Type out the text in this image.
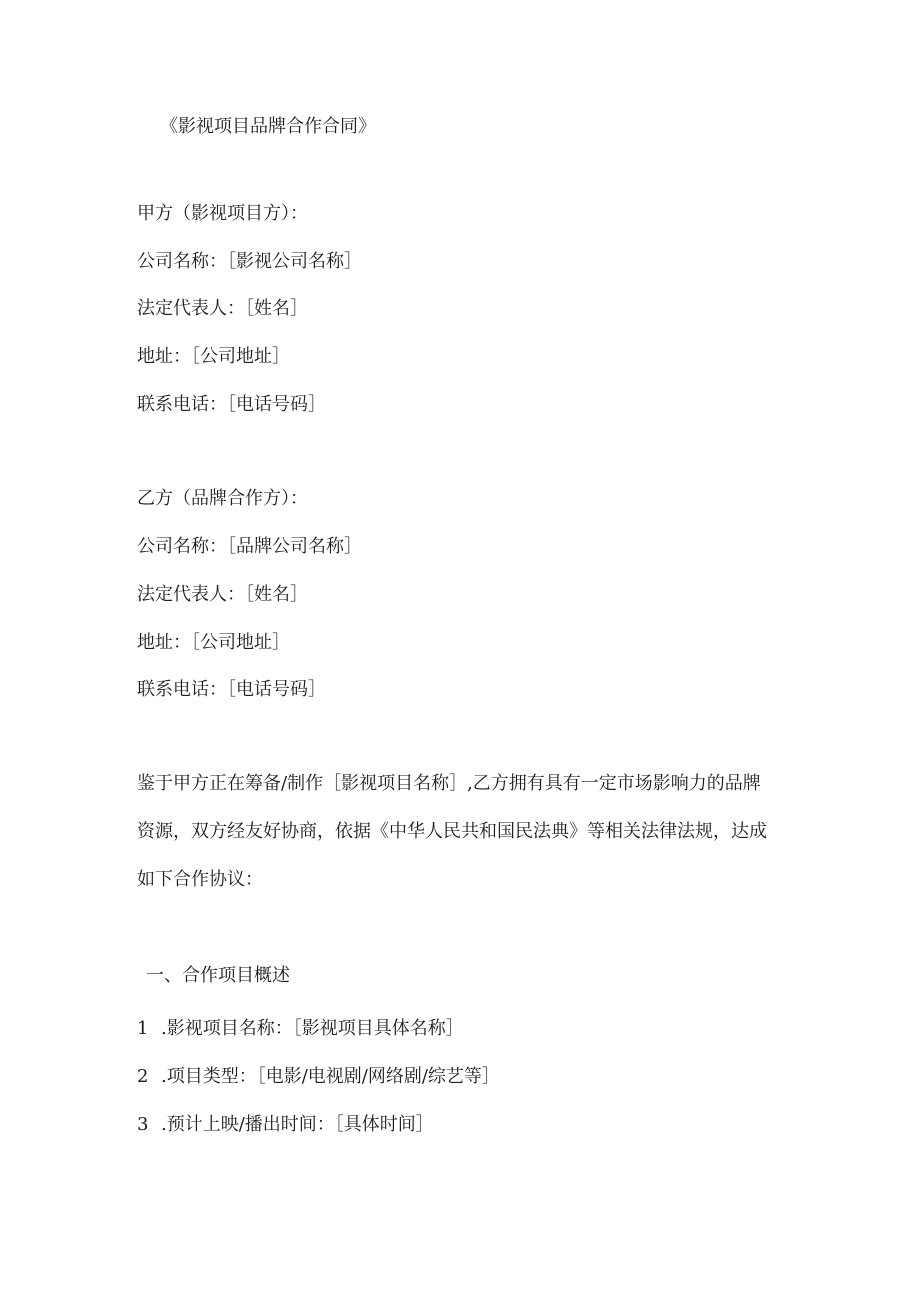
《影视项目品牌合作合同》
甲方（影视项目方）：
公司名称：［影视公司名称］
法定代表人：［姓名］
地址：［公司地址］
联系电话：［电话号码］
乙方（品牌合作方）：
公司名称：［品牌公司名称］
法定代表人：［姓名］
地址：［公司地址］
联系电话：［电话号码］
鉴于甲方正在筹备/制作［影视项目名称］,乙方拥有具有一定市场影响力的品牌
资源，双方经友好协商，依据《中华人民共和国民法典》等相关法律法规，达成
如下合作协议：
一、合作项目概述
1 .影视项目名称：［影视项目具体名称］
2 .项目类型：［电影/电视剧/网络剧/综艺等］
3 .预计上映/播出时间：［具体时间］
